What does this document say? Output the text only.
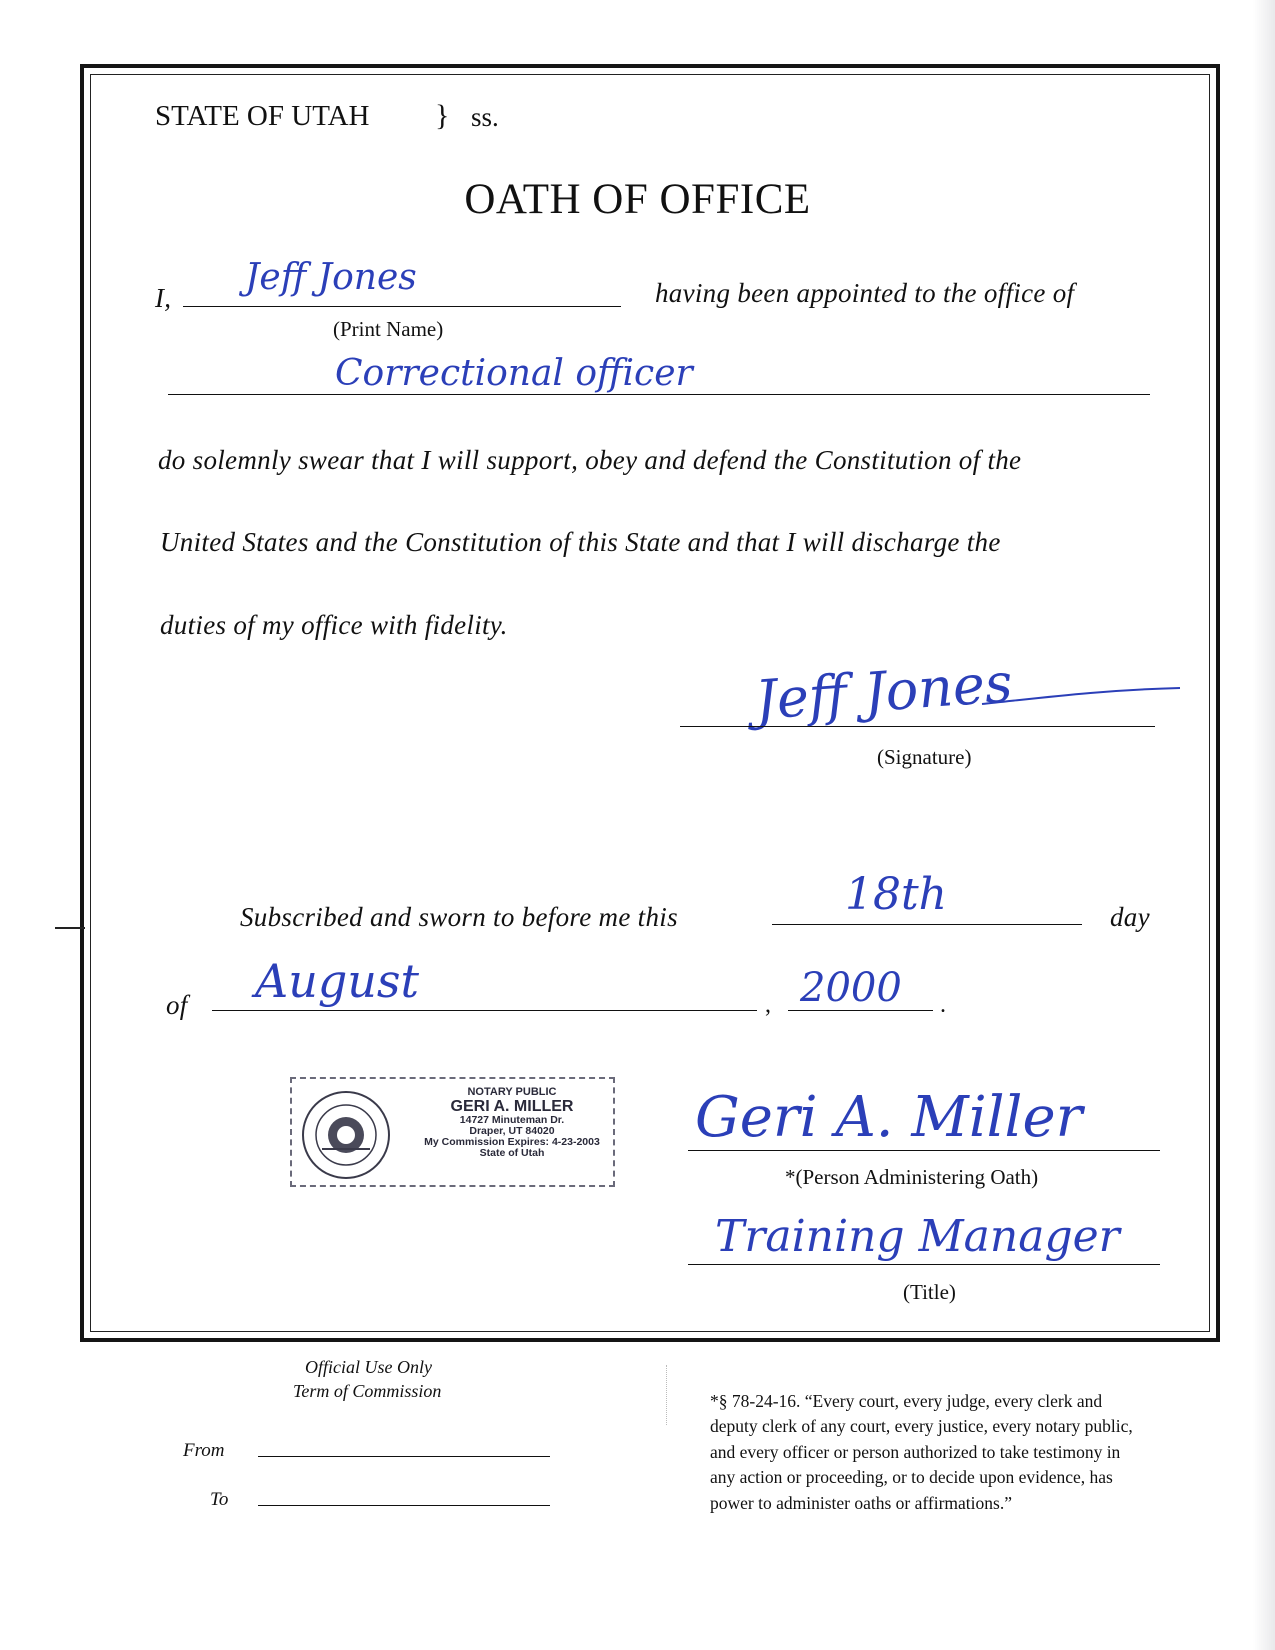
STATE OF UTAH } ss.
OATH OF OFFICE
I, Jeff Jones	having been appointed to the office of
(Print Name)
Correctional officer
do solemnly swear that I will support, obey and defend the Constitution of the
United States and the Constitution of this State and that I will discharge the
duties of my office with fidelity.
Jeff Jones
(Signature)
Subscribed and sworn to before me this	18th	day
of August	, 2000 .
NOTARY PUBLIC
GERI A. MILLER
14727 Minuteman Dr.
Draper, UT 84020
My Commission Expires: 4-23-2003
State of Utah
Geri A. Miller
*(Person Administering Oath)
Training Manager
(Title)
Official Use Only
Term of Commission
From
To
*§ 78-24-16. “Every court, every judge, every clerk and
deputy clerk of any court, every justice, every notary public,
and every officer or person authorized to take testimony in
any action or proceeding, or to decide upon evidence, has
power to administer oaths or affirmations.”
